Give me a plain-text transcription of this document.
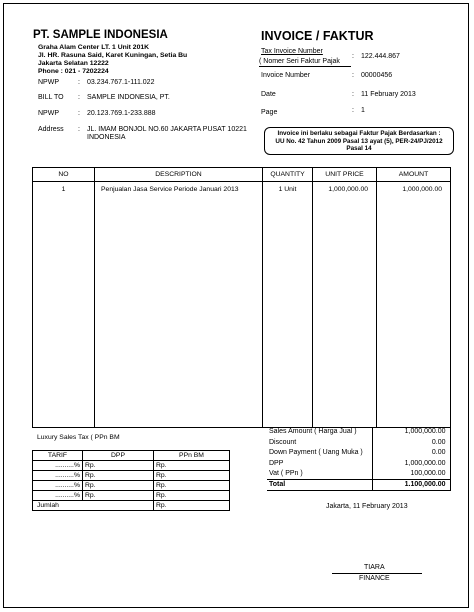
PT. SAMPLE INDONESIA
Graha Alam Center LT. 1 Unit 201K
Jl. HR. Rasuna Said, Karet Kuningan, Setia Bu
Jakarta Selatan 12222
Phone : 021 - 7202224
NPWP	: 03.234.767.1-111.022
BILL TO : SAMPLE INDONESIA, PT.
NPWP	: 20.123.769.1-233.888
Address : JL. IMAM BONJOL NO.60 JAKARTA PUSAT 10221
INDONESIA
INVOICE / FAKTUR
Tax Invoice Number
( Nomer Seri Faktur Pajak
: 122.444.867
Invoice Number	: 00000456
Date	: 11 February 2013
Page	: 1
Invoice ini berlaku sebagai Faktur Pajak Berdasarkan :
UU No. 42 Tahun 2009 Pasal 13 ayat (5), PER-24/PJ/2012
Pasal 14
NO	DESCRIPTION	QUANTITY	UNIT PRICE	AMOUNT
1	Penjualan Jasa Service Periode Januari 2013	1 Unit	1,000,000.00	1,000,000.00
Luxury Sales Tax ( PPn BM
TARIF	DPP	PPn BM
..........%	Rp.	Rp.
..........%	Rp.	Rp.
..........%	Rp.	Rp.
..........%	Rp.	Rp.
Jumlah		Rp.
Sales Amount ( Harga Jual )	1,000,000.00
Discount	0.00
Down Payment ( Uang Muka )	0.00
DPP	1,000,000.00
Vat ( PPn )	100,000.00
Total	1.100,000.00
Jakarta, 11 February 2013
TIARA
FINANCE
